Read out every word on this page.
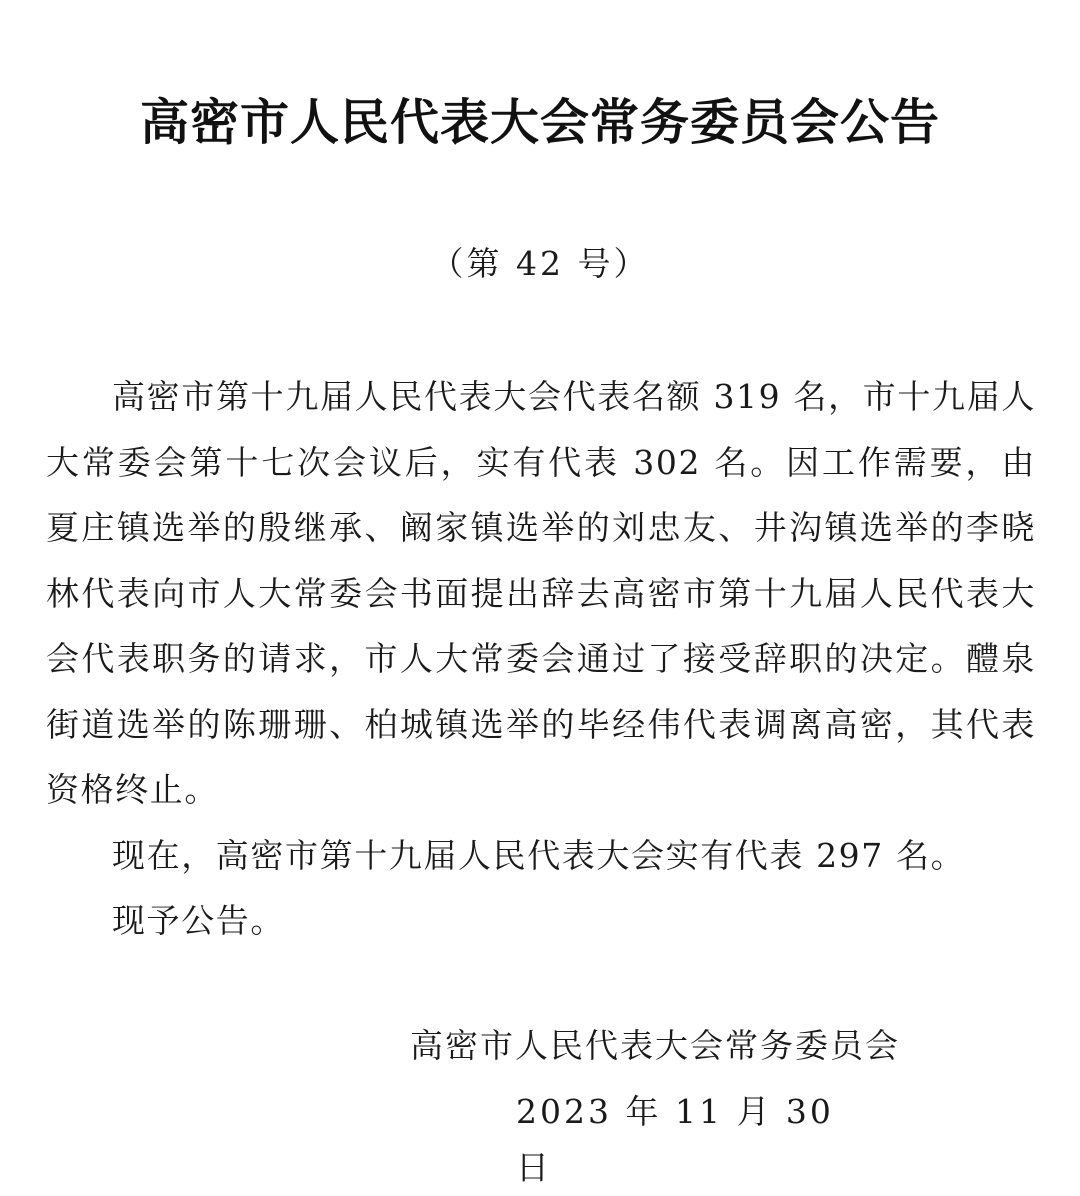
高密市人民代表大会常务委员会公告
（第 42 号）

高密市第十九届人民代表大会代表名额 319 名，市十九届人大常委会第十七次会议后，实有代表 302 名。因工作需要，由夏庄镇选举的殷继承、阚家镇选举的刘忠友、井沟镇选举的李晓林代表向市人大常委会书面提出辞去高密市第十九届人民代表大会代表职务的请求，市人大常委会通过了接受辞职的决定。醴泉街道选举的陈珊珊、柏城镇选举的毕经伟代表调离高密，其代表资格终止。

现在，高密市第十九届人民代表大会实有代表 297 名。

现予公告。

高密市人民代表大会常务委员会
2023 年 11 月 30 日
